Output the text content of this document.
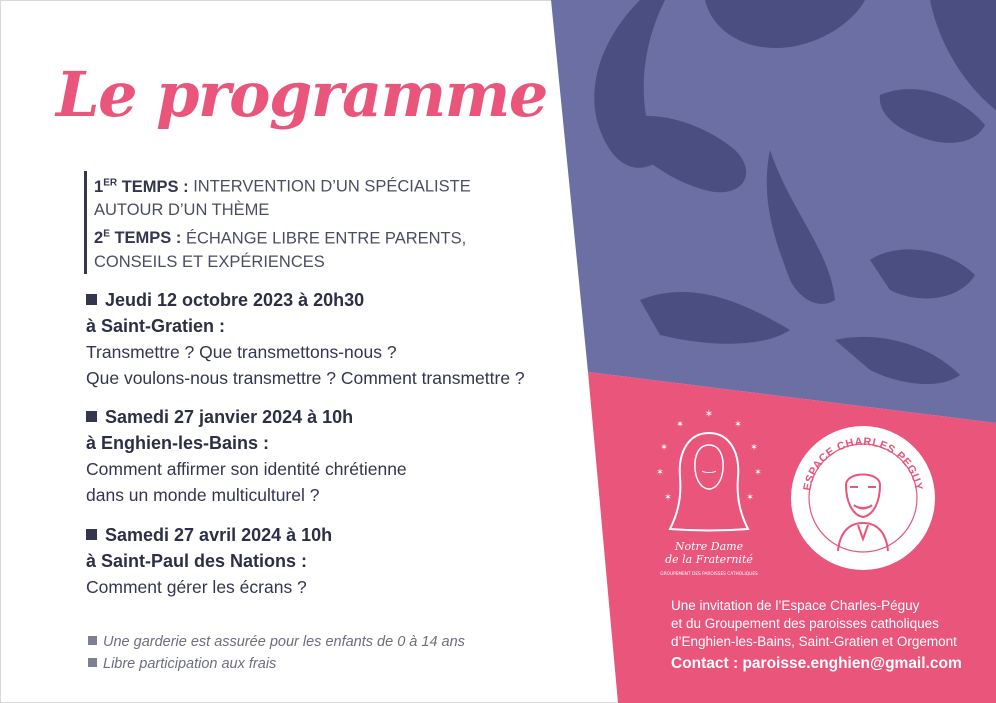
Le programme
1ER TEMPS : INTERVENTION D’UN SPÉCIALISTE
AUTOUR D’UN THÈME
$2^E$ TEMPS : ÉCHANGE LIBRE ENTRE PARENTS,
CONSEILS ET EXPÉRIENCES
Jeudi 12 octobre 2023 à 20h30
à Saint-Gratien :
Transmettre ? Que transmettons-nous ?
Que voulons-nous transmettre ? Comment transmettre ?
Samedi 27 janvier 2024 à 10h
à Enghien-les-Bains :
Comment affirmer son identité chrétienne
dans un monde multiculturel ?
Samedi 27 avril 2024 à 10h
à Saint-Paul des Nations :
Comment gérer les écrans ?
Une garderie est assurée pour les enfants de 0 à 14 ans
Libre participation aux frais
✶
✶	✶
✶	✶
✶	✶
✶	✶
Notre Dame
de la Fraternité
GROUPEMENT DES PAROISSES CATHOLIQUES
ESPACE CHARLES PEGUY
Une invitation de l’Espace Charles-Péguy
et du Groupement des paroisses catholiques
d’Enghien-les-Bains, Saint-Gratien et Orgemont
Contact : paroisse.enghien@gmail.com
